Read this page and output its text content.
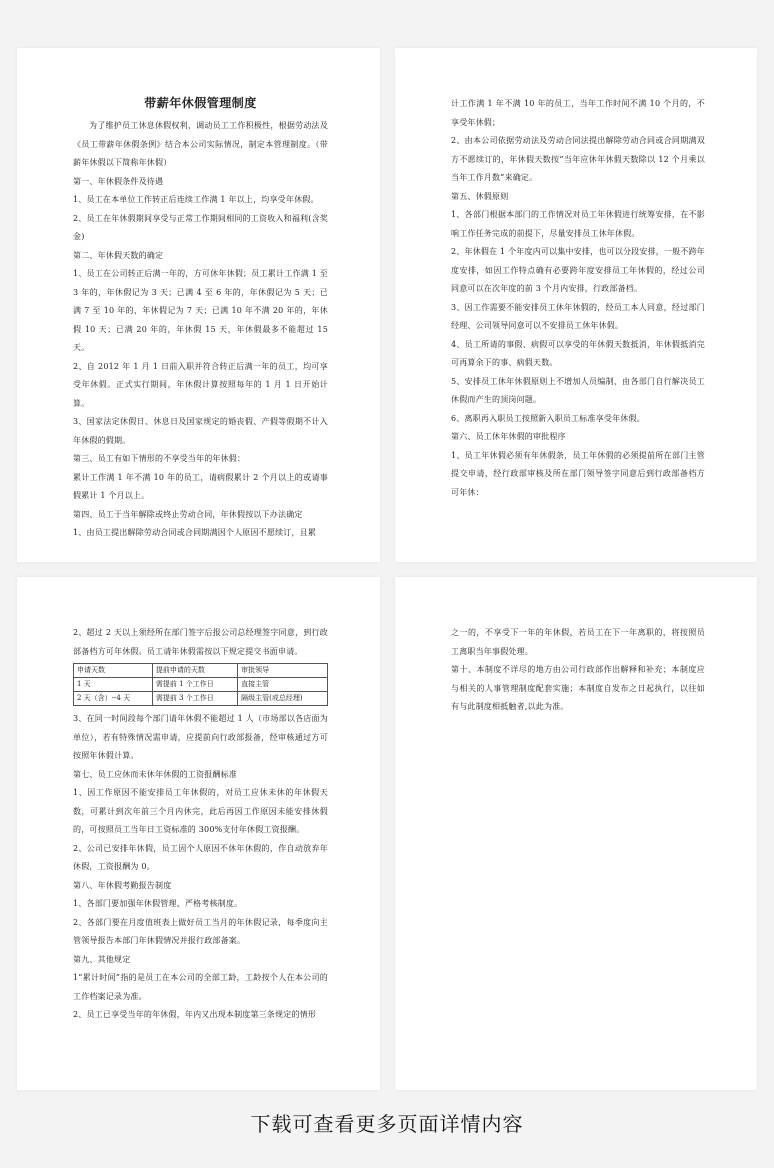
带薪年休假管理制度

为了维护员工休息休假权利，调动员工工作积极性，根据劳动法及《员工带薪年休假条例》结合本公司实际情况，制定本管理制度。（带薪年休假以下简称年休假）

第一、年休假条件及待遇

1、员工在本单位工作转正后连续工作满 1 年以上，均享受年休假。

2、员工在年休假期间享受与正常工作期间相同的工资收入和福利(含奖金)

第二、年休假天数的确定

1、员工在公司转正后满一年的，方可休年休假；员工累计工作满 1 至 3 年的，年休假记为 3 天；已满 4 至 6 年的，年休假记为 5 天；已满 7 至 10 年的，年休假记为 7 天；已满 10 年不满 20 年的，年休假 10 天；已满 20 年的，年休假 15 天，年休假最多不能超过 15 天。

2、自 2012 年 1 月 1 日前入职并符合转正后满一年的员工，均可享受年休假。正式实行期间，年休假计算按照每年的 1 月 1 日开始计算。

3、国家法定休假日、休息日及国家规定的婚丧假、产假等假期不计入年休假的假期。

第三、员工有如下情形的不享受当年的年休假：

累计工作满 1 年不满 10 年的员工，请病假累计 2 个月以上的或请事假累计 1 个月以上。

第四、员工于当年解除或终止劳动合同，年休假按以下办法确定

1、由员工提出解除劳动合同或合同期满因个人原因不愿续订，且累

计工作满 1 年不满 10 年的员工，当年工作时间不满 10 个月的，不享受年休假；

2、由本公司依据劳动法及劳动合同法提出解除劳动合同或合同期满双方不愿续订的，年休假天数按“当年应休年休假天数除以 12 个月乘以当年工作月数”来确定。

第五、休假原则

1、各部门根据本部门的工作情况对员工年休假进行统筹安排，在不影响工作任务完成的前提下，尽量安排员工休年休假。

2、年休假在 1 个年度内可以集中安排，也可以分段安排，一般不跨年度安排，如因工作特点确有必要跨年度安排员工年休假的，经过公司同意可以在次年度的前 3 个月内安排，行政部备档。

3、因工作需要不能安排员工休年休假的，经员工本人同意，经过部门经理、公司领导同意可以不安排员工休年休假。

4、员工所请的事假、病假可以享受的年休假天数抵消，年休假抵消完可再算余下的事、病假天数。

5、安排员工休年休假原则上不增加人员编制，由各部门自行解决员工休假而产生的顶岗问题。

6、离职再入职员工按照新入职员工标准享受年休假。

第六、员工休年休假的审批程序

1、员工年休假必须有年休假条，员工年休假的必须提前所在部门主管提交申请，经行政部审核及所在部门领导签字同意后到行政部备档方可年休：

2、超过 2 天以上须经所在部门签字后报公司总经理签字同意，到行政部备档方可年休假。员工请年休假需按以下规定提交书面申请。

申请天数	提前申请的天数	审批领导
1 天	需提前 1 个工作日	直接主管
2 天（含）--4 天	需提前 3 个工作日	隔级主管(或总经理)

3、在同一时间段每个部门请年休假不能超过 1 人（市场部以各店面为单位），若有特殊情况需申请，应提前向行政部报备，经审核通过方可按照年休假计算。

第七、员工应休而未休年休假的工资报酬标准

1、因工作原因不能安排员工年休假的，对员工应休未休的年休假天数，可累计到次年前三个月内休完，此后再因工作原因未能安排休假的，可按照员工当年日工资标准的 300%支付年休假工资报酬。

2、公司已安排年休假，员工因个人原因不休年休假的，作自动放弃年休假，工资报酬为 0。

第八、年休假考勤报告制度

1、各部门要加强年休假管理，严格考核制度。

2、各部门要在月度值班表上做好员工当月的年休假记录，每季度向主管领导报告本部门年休假情况并报行政部备案。

第九、其他规定

1“累计时间”指的是员工在本公司的全部工龄，工龄按个人在本公司的工作档案记录为准。

2、员工已享受当年的年休假，年内又出现本制度第三条规定的情形

之一的，不享受下一年的年休假，若员工在下一年离职的，将按照员工离职当年事假处理。

第十、本制度不详尽的地方由公司行政部作出解释和补充；本制度应与相关的人事管理制度配套实施；本制度自发布之日起执行，以往如有与此制度相抵触者,以此为准。

下载可查看更多页面详情内容
